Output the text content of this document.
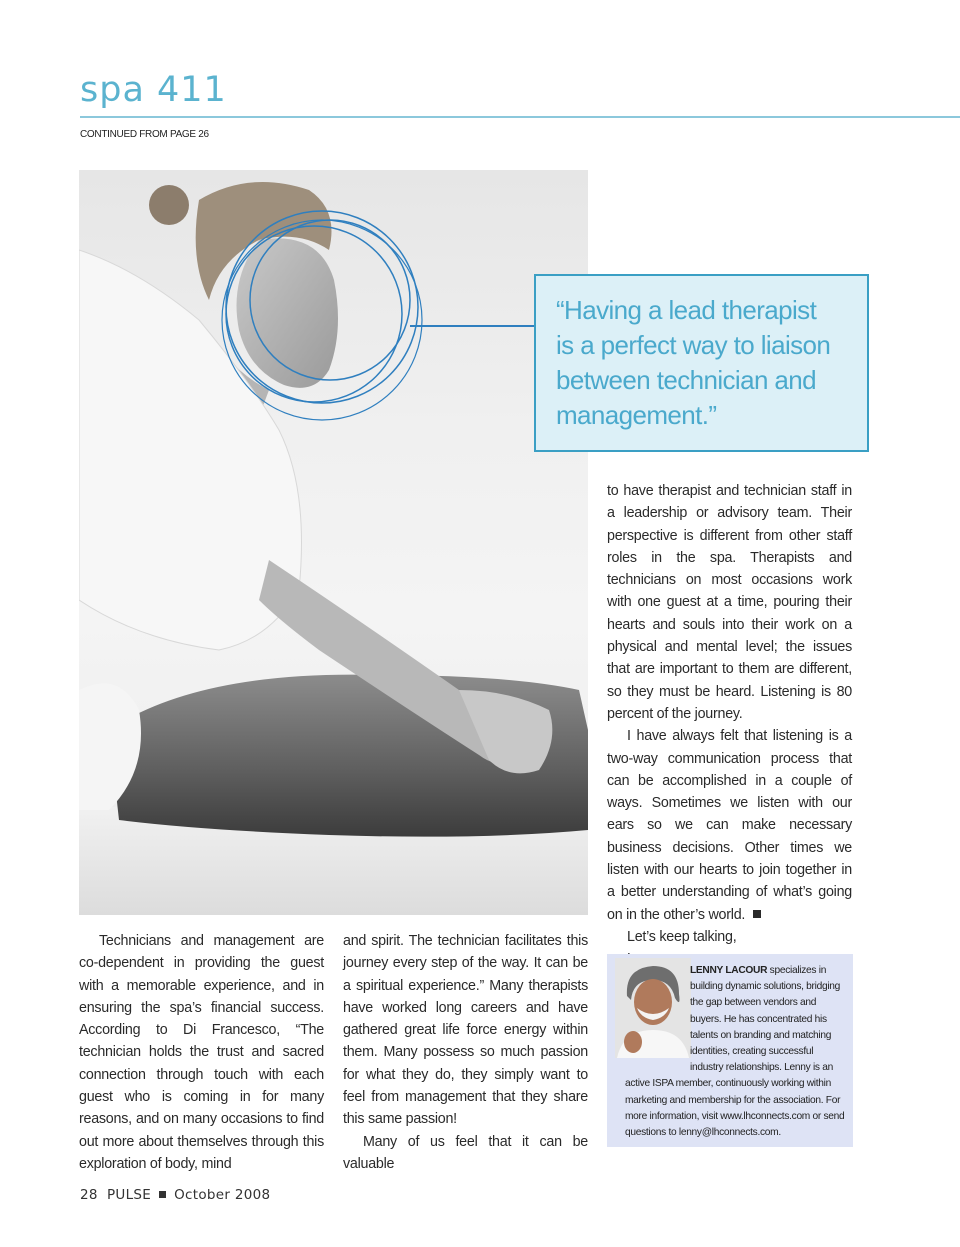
spa 411
CONTINUED FROM PAGE 26

“Having a lead therapist
is a perfect way to liaison
between technician and
management.”

Technicians and management are co-dependent in providing the guest with a memorable experience, and in ensuring the spa’s financial success. According to Di Francesco, “The technician holds the trust and sacred connection through touch with each guest who is coming in for many reasons, and on many occasions to find out more about themselves through this exploration of body, mind

and spirit. The technician facilitates this journey every step of the way. It can be a spiritual experience.” Many therapists have worked long careers and have gathered great life force energy within them. Many possess so much passion for what they do, they simply want to feel from management that they share this same passion!

Many of us feel that it can be valuable

to have therapist and technician staff in a leadership or advisory team. Their perspective is different from other staff roles in the spa. Therapists and technicians on most occasions work with one guest at a time, pouring their hearts and souls into their work on a physical and mental level; the issues that are important to them are different, so they must be heard. Listening is 80 percent of the journey.

I have always felt that listening is a two-way communication process that can be accomplished in a couple of ways. Sometimes we listen with our ears so we can make necessary business decisions. Other times we listen with our hearts to join together in a better understanding of what’s going on in the other’s world.

Let’s keep talking,

LENNY LACOUR specializes in building dynamic solutions, bridging the gap between vendors and buyers. He has concentrated his talents on branding and matching identities, creating successful industry relationships. Lenny is an active ISPA member, continuously working within marketing and membership for the association. For more information, visit www.lhconnects.com or send questions to lenny@lhconnects.com.

28 PULSE October 2008
